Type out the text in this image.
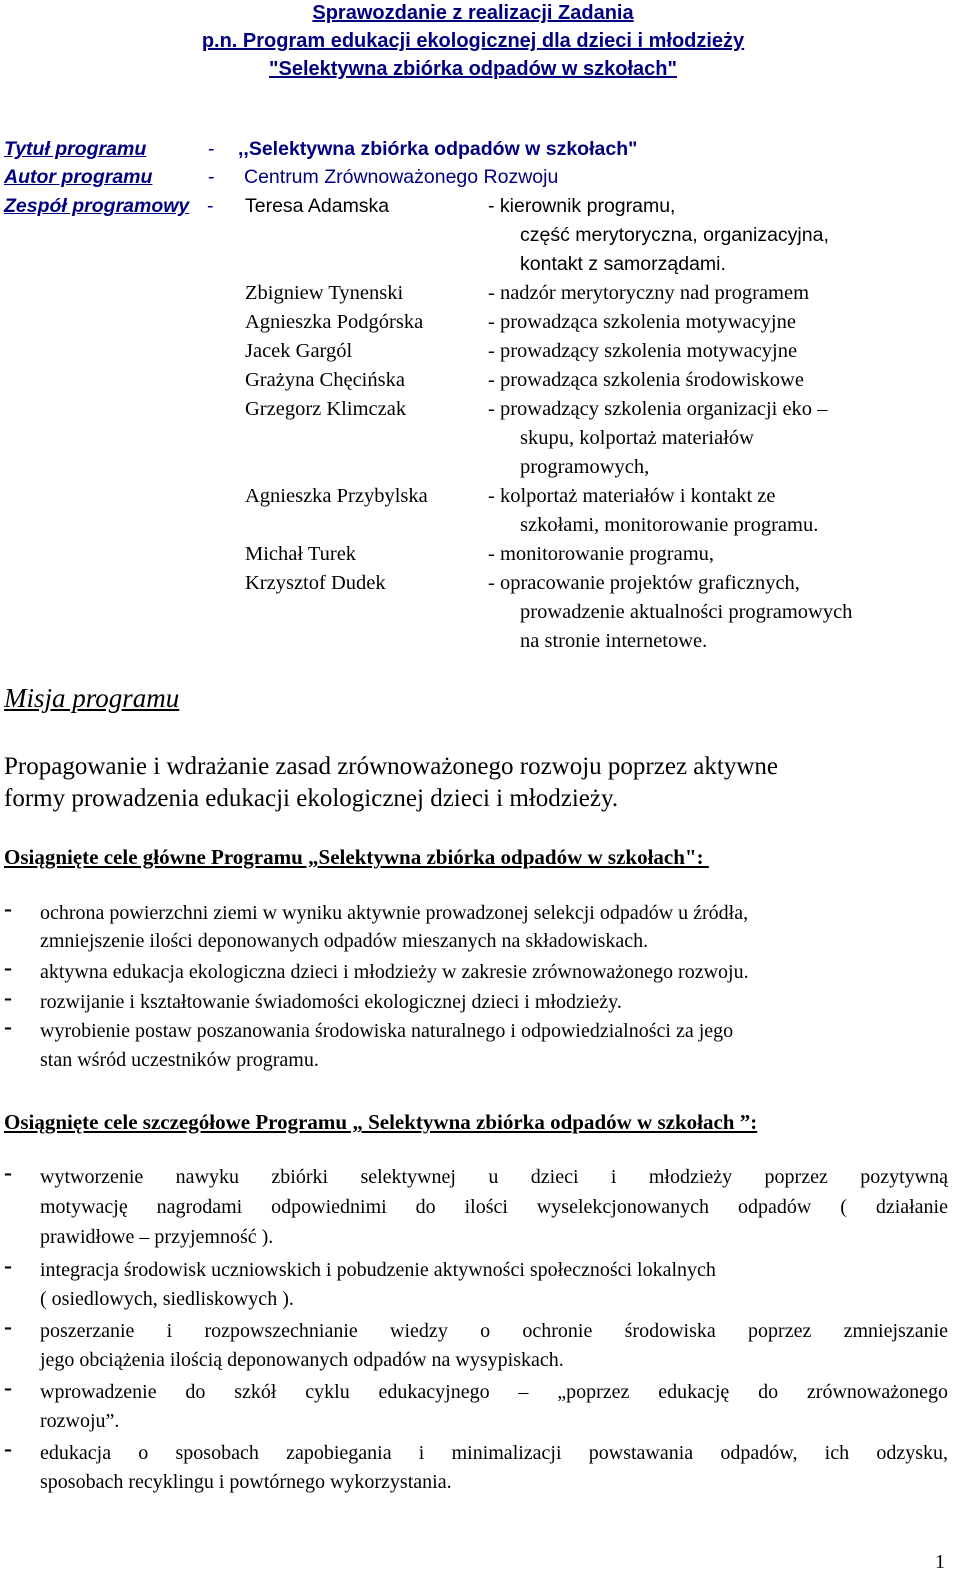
Sprawozdanie z realizacji Zadania
p.n. Program edukacji ekologicznej dla dzieci i młodzieży
"Selektywna zbiórka odpadów w szkołach"
Tytuł programu	- ,,Selektywna zbiórka odpadów w szkołach"
Autor programu	- Centrum Zrównoważonego Rozwoju
Zespół programowy - Teresa Adamska	- kierownik programu,
część merytoryczna, organizacyjna,
kontakt z samorządami.
Zbigniew Tynenski	- nadzór merytoryczny nad programem
Agnieszka Podgórska	- prowadząca szkolenia motywacyjne
Jacek Gargól	- prowadzący szkolenia motywacyjne
Grażyna Chęcińska	- prowadząca szkolenia środowiskowe
Grzegorz Klimczak	- prowadzący szkolenia organizacji eko –
skupu, kolportaż materiałów
programowych,
Agnieszka Przybylska	- kolportaż materiałów i kontakt ze
szkołami, monitorowanie programu.
Michał Turek	- monitorowanie programu,
Krzysztof Dudek	- opracowanie projektów graficznych,
prowadzenie aktualności programowych
na stronie internetowe.
Misja programu
Propagowanie i wdrażanie zasad zrównoważonego rozwoju poprzez aktywne
formy prowadzenia edukacji ekologicznej dzieci i młodzieży.
Osiągnięte cele główne Programu „Selektywna zbiórka odpadów w szkołach":
- ochrona powierzchni ziemi w wyniku aktywnie prowadzonej selekcji odpadów u źródła,
zmniejszenie ilości deponowanych odpadów mieszanych na składowiskach.
- aktywna edukacja ekologiczna dzieci i młodzieży w zakresie zrównoważonego rozwoju.
- rozwijanie i kształtowanie świadomości ekologicznej dzieci i młodzieży.
- wyrobienie postaw poszanowania środowiska naturalnego i odpowiedzialności za jego
stan wśród uczestników programu.
Osiągnięte cele szczegółowe Programu „ Selektywna zbiórka odpadów w szkołach ”:
- wytworzenie nawyku zbiórki selektywnej u dzieci i młodzieży poprzez pozytywną
motywację nagrodami odpowiednimi do ilości wyselekcjonowanych odpadów ( działanie
prawidłowe – przyjemność ).
- integracja środowisk uczniowskich i pobudzenie aktywności społeczności lokalnych
( osiedlowych, siedliskowych ).
- poszerzanie i rozpowszechnianie wiedzy o ochronie środowiska poprzez zmniejszanie
jego obciążenia ilością deponowanych odpadów na wysypiskach.
- wprowadzenie do szkół cyklu edukacyjnego – „poprzez edukację do zrównoważonego
rozwoju”.
- edukacja o sposobach zapobiegania i minimalizacji powstawania odpadów, ich odzysku,
sposobach recyklingu i powtórnego wykorzystania.
1
